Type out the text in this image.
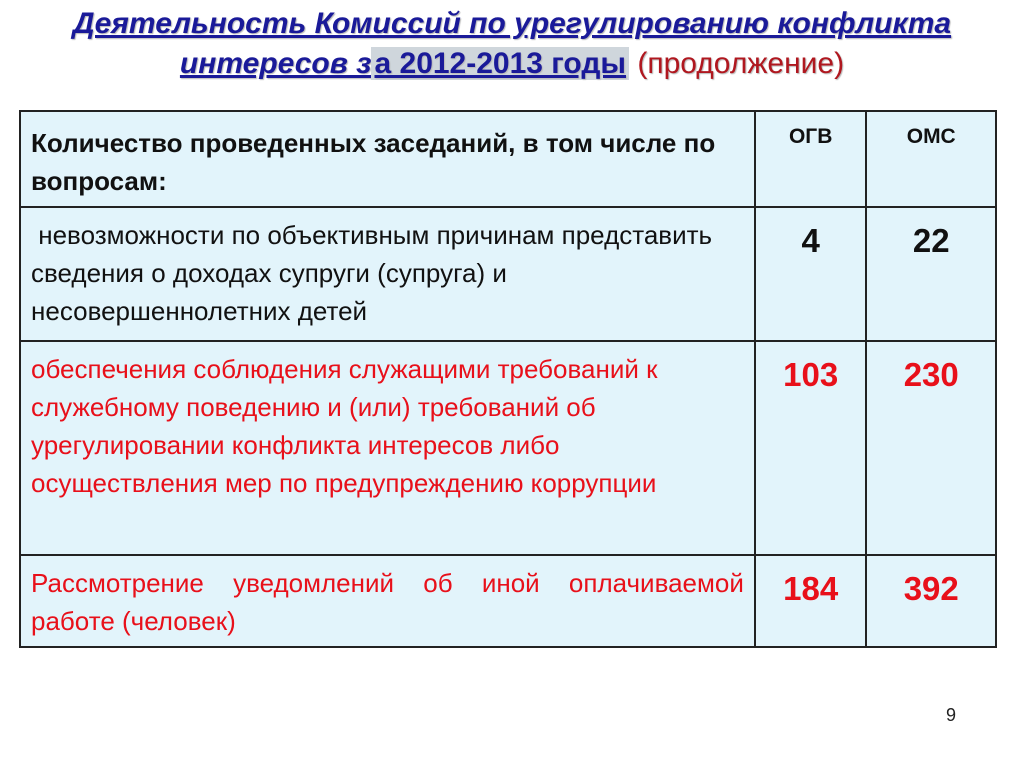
Деятельность Комиссий по урегулированию конфликта
интересов з а 2012-2013 годы (продолжение)
Количество проведенных заседаний, в том числе по вопросам:	ОГВ	ОМС

невозможности по объективным причинам представить сведения о доходах супруги (супруга) и несовершеннолетних детей	4	22

обеспечения соблюдения служащими требований к служебному поведению и (или) требований об урегулировании конфликта интересов либо осуществления мер по предупреждению коррупции	103	230

Рассмотрение уведомлений об иной оплачиваемой работе (человек)	184	392
9
